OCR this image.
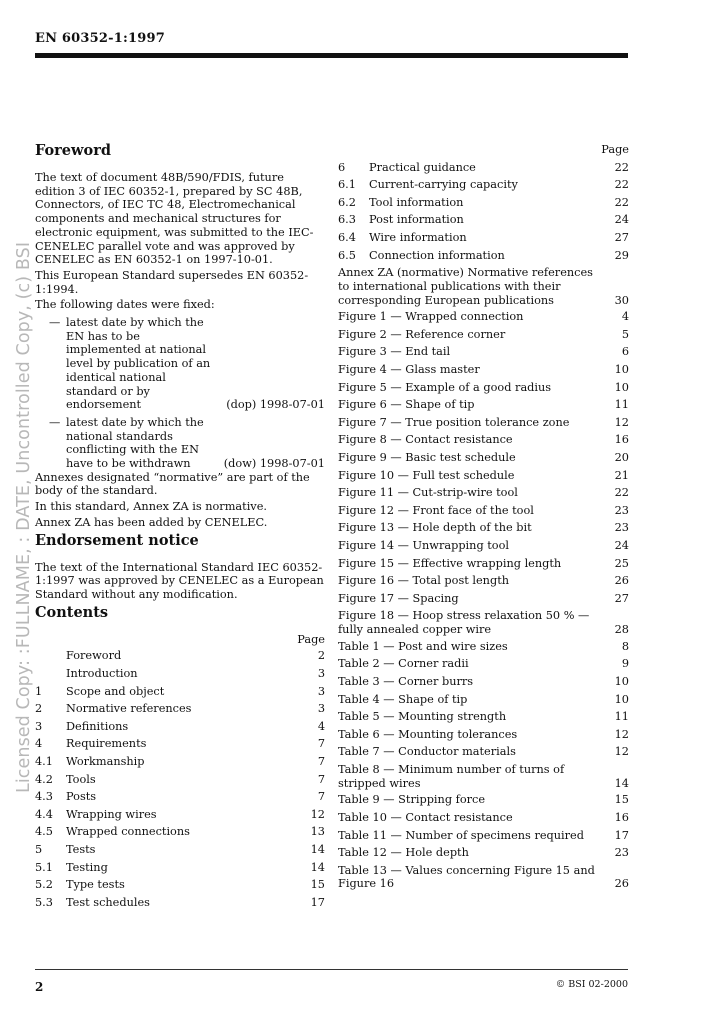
EN 60352-1:1997
Licensed Copy: :FULLNAME, : DATE, Uncontrolled Copy, (c) BSI
Foreword

The text of document 48B/590/FDIS, future edition 3 of IEC 60352-1, prepared by SC 48B, Connectors, of IEC TC 48, Electromechanical components and mechanical structures for electronic equipment, was submitted to the IEC-CENELEC parallel vote and was approved by CENELEC as EN 60352-1 on 1997-10-01.

This European Standard supersedes EN 60352-1:1994.

The following dates were fixed:

— latest date by which the EN has to be implemented at national level by publication of an identical national standard or by endorsement	(dop) 1998-07-01
— latest date by which the national standards conflicting with the EN have to be withdrawn	(dow) 1998-07-01

Annexes designated “normative” are part of the body of the standard.

In this standard, Annex ZA is normative.

Annex ZA has been added by CENELEC.

Endorsement notice

The text of the International Standard IEC 60352-1:1997 was approved by CENELEC as a European Standard without any modification.

Contents
Page
Foreword	2
Introduction	3
1	Scope and object	3
2	Normative references	3
3	Definitions	4
4	Requirements	7
4.1	Workmanship	7
4.2	Tools	7
4.3	Posts	7
4.4	Wrapping wires	12
4.5	Wrapped connections	13
5	Tests	14
5.1	Testing	14
5.2	Type tests	15
5.3	Test schedules	17
Page
6	Practical guidance	22
6.1	Current-carrying capacity	22
6.2	Tool information	22
6.3	Post information	24
6.4	Wire information	27
6.5	Connection information	29
Annex ZA (normative) Normative references to international publications with their corresponding European publications	30
Figure 1 — Wrapped connection	4
Figure 2 — Reference corner	5
Figure 3 — End tail	6
Figure 4 — Glass master	10
Figure 5 — Example of a good radius	10
Figure 6 — Shape of tip	11
Figure 7 — True position tolerance zone	12
Figure 8 — Contact resistance	16
Figure 9 — Basic test schedule	20
Figure 10 — Full test schedule	21
Figure 11 — Cut-strip-wire tool	22
Figure 12 — Front face of the tool	23
Figure 13 — Hole depth of the bit	23
Figure 14 — Unwrapping tool	24
Figure 15 — Effective wrapping length	25
Figure 16 — Total post length	26
Figure 17 — Spacing	27
Figure 18 — Hoop stress relaxation 50 % — fully annealed copper wire	28
Table 1 — Post and wire sizes	8
Table 2 — Corner radii	9
Table 3 — Corner burrs	10
Table 4 — Shape of tip	10
Table 5 — Mounting strength	11
Table 6 — Mounting tolerances	12
Table 7 — Conductor materials	12
Table 8 — Minimum number of turns of stripped wires	14
Table 9 — Stripping force	15
Table 10 — Contact resistance	16
Table 11 — Number of specimens required	17
Table 12 — Hole depth	23
Table 13 — Values concerning Figure 15 and Figure 16	26
2	© BSI 02-2000
